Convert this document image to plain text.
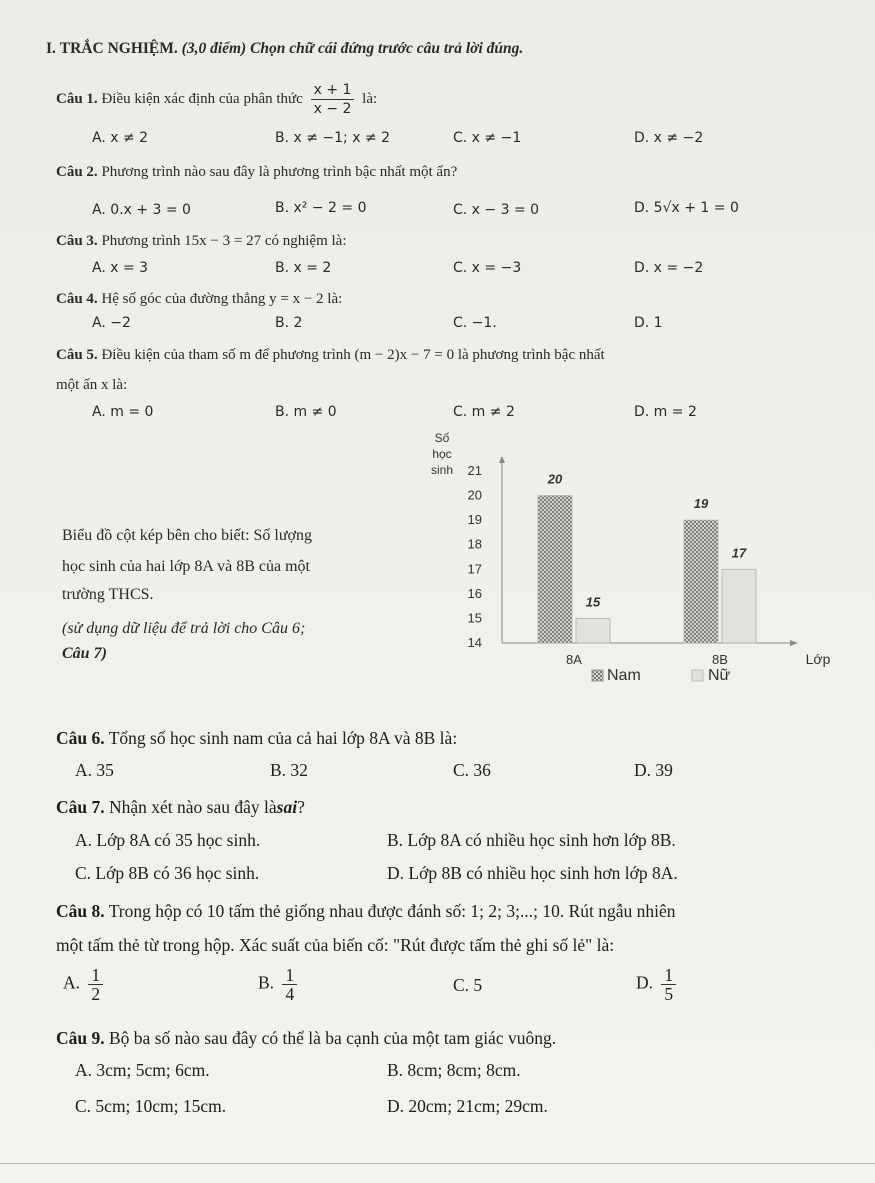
I. TRẮC NGHIỆM. (3,0 điểm) Chọn chữ cái đứng trước câu trả lời đúng.
Câu 1. Điều kiện xác định của phân thức $\frac{x + 1}{x - 2}$ là:
A. x ≠ 2	B. x ≠ −1; x ≠ 2	C. x ≠ −1	D. x ≠ −2
Câu 2. Phương trình nào sau đây là phương trình bậc nhất một ẩn?
A. 0.x + 3 = 0	B. x² − 2 = 0	C. x − 3 = 0	D. 5√x + 1 = 0
Câu 3. Phương trình 15x − 3 = 27 có nghiệm là:
A. x = 3	B. x = 2	C. x = −3	D. x = −2
Câu 4. Hệ số góc của đường thẳng y = x − 2 là:
A. −2	B. 2	C. −1.	D. 1
Câu 5. Điều kiện của tham số m để phương trình (m − 2)x − 7 = 0 là phương trình bậc nhất
một ẩn x là:
A. m = 0	B. m ≠ 0	C. m ≠ 2	D. m = 2
Biểu đồ cột kép bên cho biết: Số lượng
học sinh của hai lớp 8A và 8B của một
trường THCS.
(sử dụng dữ liệu để trả lời cho Câu 6;
Câu 7)
Số
học
sinh
14
15
16
17
18
19
20
21
20
15
8A
19
17
8B	Lớp
Nam	Nữ
Câu 6. Tổng số học sinh nam của cả hai lớp 8A và 8B là:
A. 35	B. 32	C. 36	D. 39
Câu 7. Nhận xét nào sau đây làsai?
A. Lớp 8A có 35 học sinh.	B. Lớp 8A có nhiều học sinh hơn lớp 8B.
C. Lớp 8B có 36 học sinh.	D. Lớp 8B có nhiều học sinh hơn lớp 8A.
Câu 8. Trong hộp có 10 tấm thẻ giống nhau được đánh số: 1; 2; 3;...; 10. Rút ngẫu nhiên
một tấm thẻ từ trong hộp. Xác suất của biến cố: "Rút được tấm thẻ ghi số lẻ" là:
A. $\frac{1}{2}$	B. $\frac{1}{4}$	C. 5	D. $\frac{1}{5}$
Câu 9. Bộ ba số nào sau đây có thể là ba cạnh của một tam giác vuông.
A. 3cm; 5cm; 6cm.	B. 8cm; 8cm; 8cm.
C. 5cm; 10cm; 15cm.	D. 20cm; 21cm; 29cm.
